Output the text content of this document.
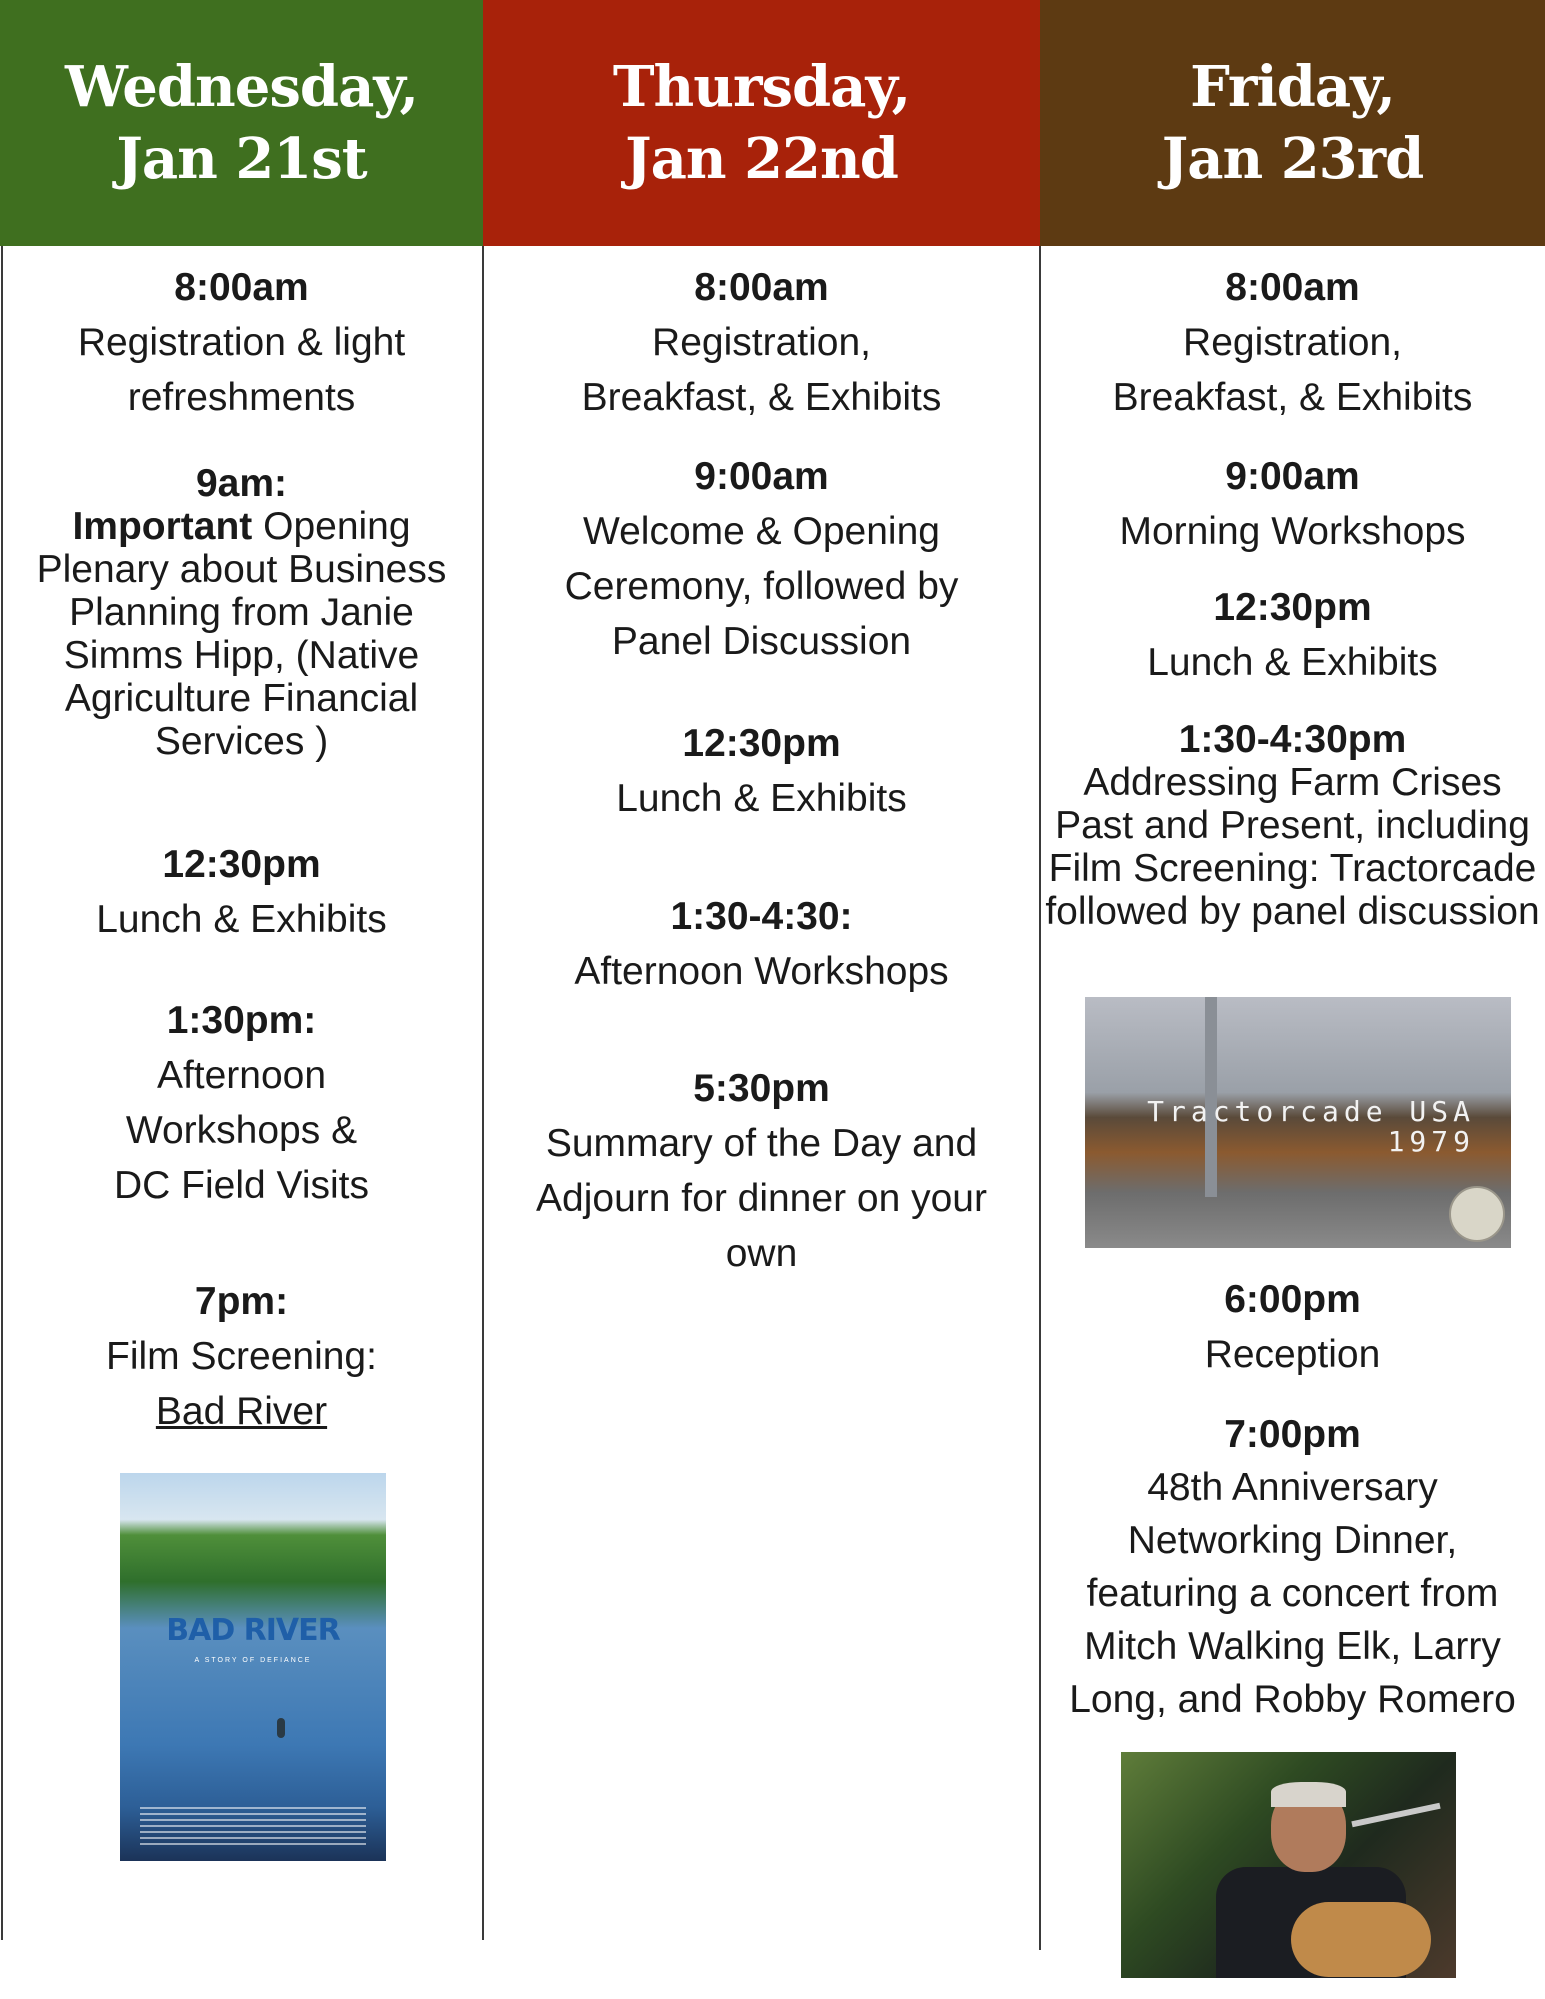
Wednesday,
Jan 21st
8:00am
Registration & light refreshments
9am:
Important Opening Plenary about Business Planning from Janie Simms Hipp, (Native Agriculture Financial Services )
12:30pm
Lunch & Exhibits
1:30pm:
Afternoon Workshops & DC Field Visits
7pm:
Film Screening:
Bad River
BAD RIVER
A STORY OF DEFIANCE
Thursday,
Jan 22nd
8:00am
Registration, Breakfast, & Exhibits
9:00am
Welcome & Opening Ceremony, followed by Panel Discussion
12:30pm
Lunch & Exhibits
1:30-4:30:
Afternoon Workshops
5:30pm
Summary of the Day and Adjourn for dinner on your own
Friday,
Jan 23rd
8:00am
Registration, Breakfast, & Exhibits
9:00am
Morning Workshops
12:30pm
Lunch & Exhibits
1:30-4:30pm
Addressing Farm Crises Past and Present, including Film Screening: Tractorcade followed by panel discussion
6:00pm
Reception
7:00pm
48th Anniversary Networking Dinner, featuring a concert from Mitch Walking Elk, Larry Long, and Robby Romero
Tractorcade USA
1979
